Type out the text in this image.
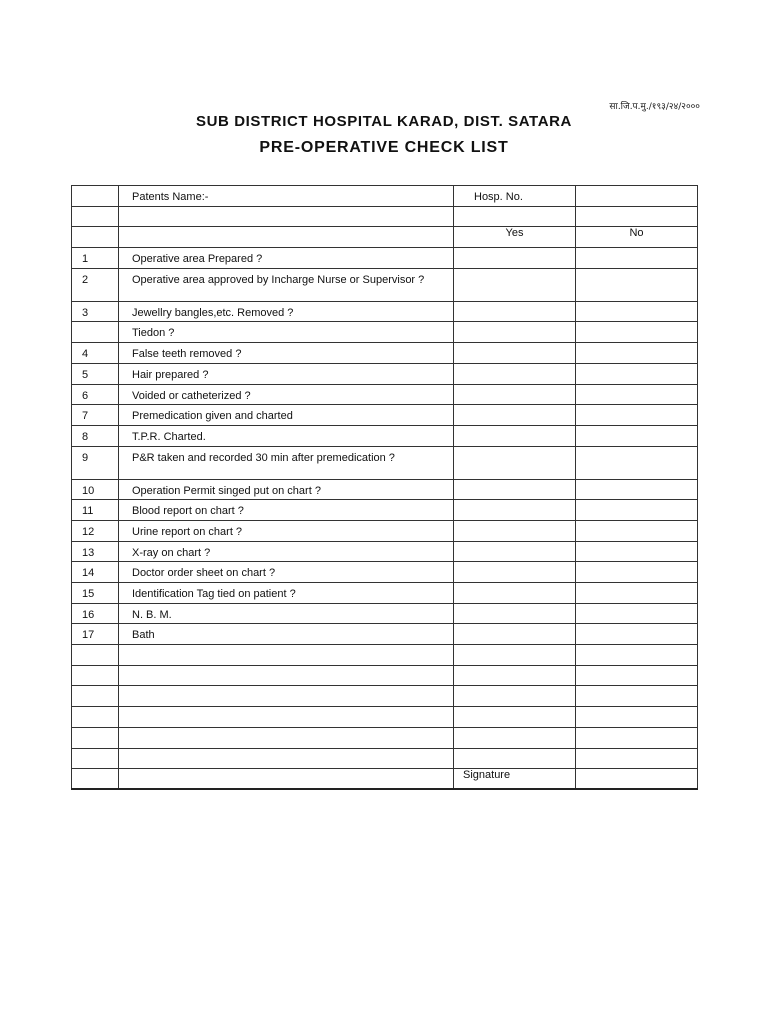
सा.जि.प.मु./१९३/२४/२०००
SUB DISTRICT HOSPITAL KARAD, DIST. SATARA
PRE-OPERATIVE CHECK LIST
	Patents Name:-	Hosp. No.	

		Yes	No
1	Operative area Prepared ?		
2	Operative area approved by Incharge Nurse or Supervisor ?		
3	Jewellry bangles,etc. Removed ?		
	Tiedon ?		
4	False teeth removed ?		
5	Hair prepared ?		
6	Voided or catheterized ?		
7	Premedication given and charted		
8	T.P.R. Charted.		
9	P&R taken and recorded 30 min after premedication ?		
10	Operation Permit singed put on chart ?		
11	Blood report on chart ?		
12	Urine report on chart ?		
13	X-ray on chart ?		
14	Doctor order sheet on chart ?		
15	Identification Tag tied on patient ?		
16	N. B. M.		
17	Bath		

		Signature	
